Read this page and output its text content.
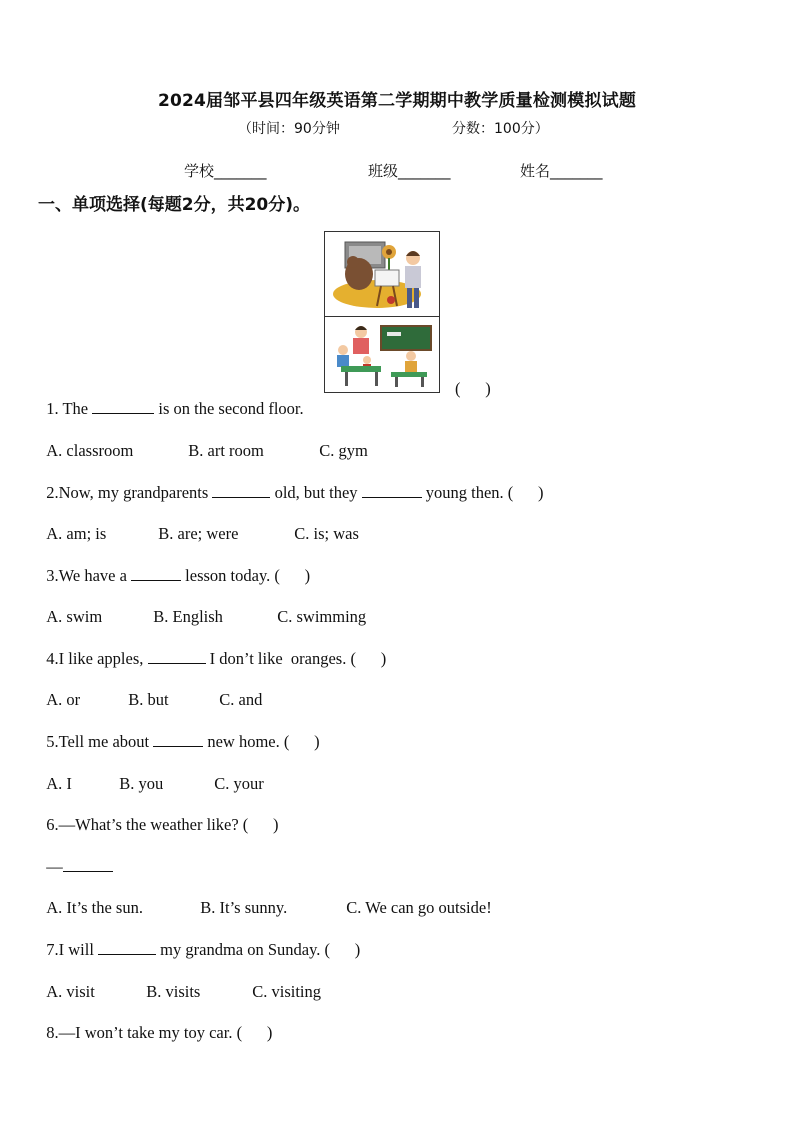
2024届邹平县四年级英语第二学期期中教学质量检测模拟试题
（时间：90分钟	分数：100分）
学校_______	班级_______	姓名_______
一、单项选择(每题2分，共20分)。

1. The	is on the second floor.

(      )

A. classroom	B. art room	C. gym

2.Now, my grandparents	old, but they	young then. (      )

A. am; is	B. are; were	C. is; was

3.We have a	lesson today. (      )

A. swim	B. English	C. swimming

4.I like apples,	I don’t like  oranges. (      )

A. or	B. but	C. and

5.Tell me about	new home. (      )

A. I	B. you	C. your

6.—What’s the weather like? (      )

—

A. It’s the sun.	B. It’s sunny.	C. We can go outside!

7.I will	my grandma on Sunday. (      )

A. visit	B. visits	C. visiting

8.—I won’t take my toy car. (      )
